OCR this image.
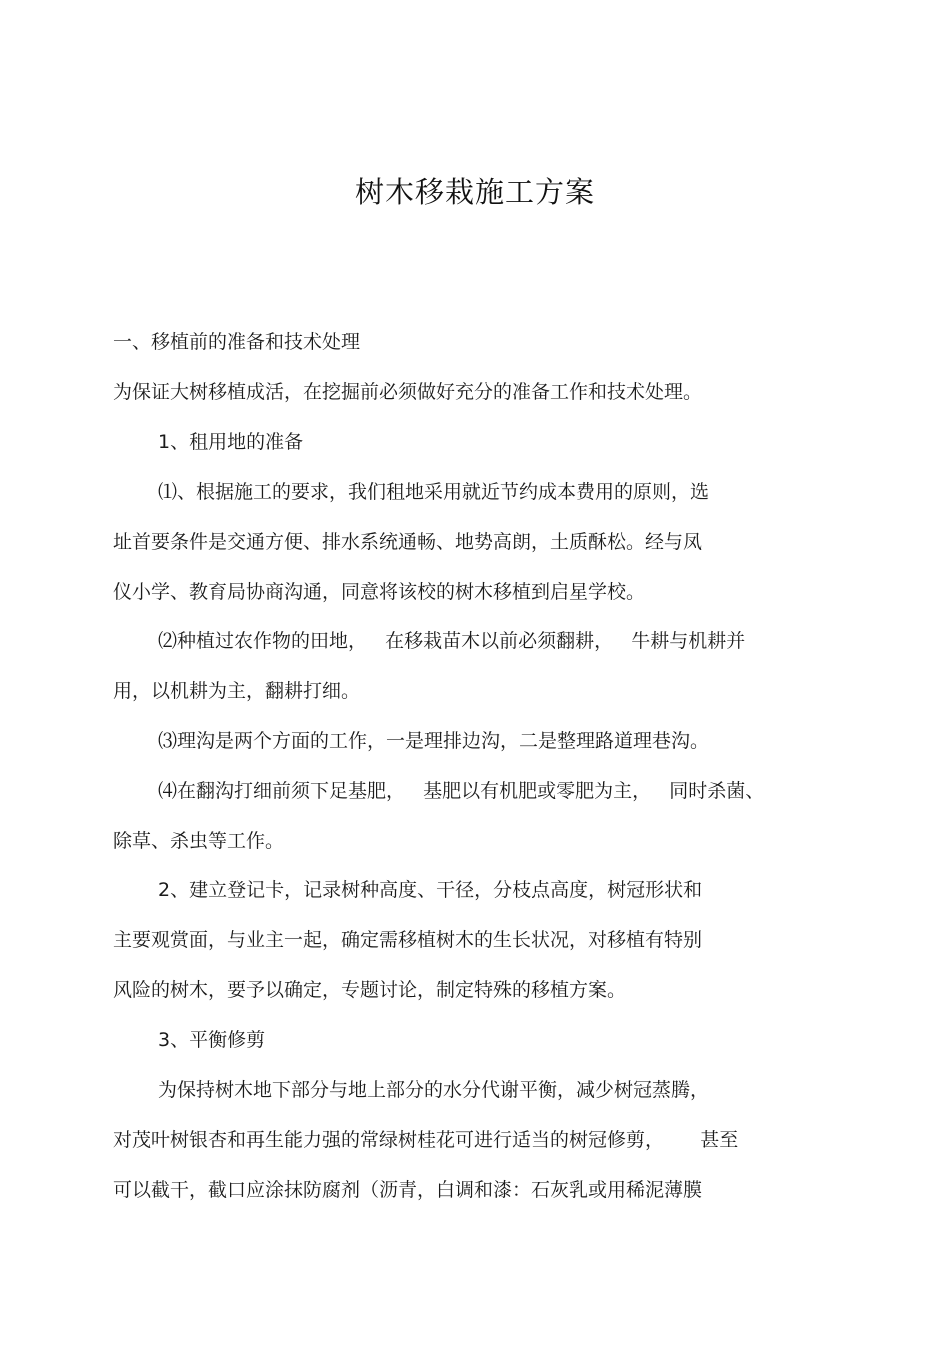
树木移栽施工方案

一、移植前的准备和技术处理

为保证大树移植成活，在挖掘前必须做好充分的准备工作和技术处理。

1、租用地的准备

⑴、根据施工的要求，我们租地采用就近节约成本费用的原则，选

址首要条件是交通方便、排水系统通畅、地势高朗，土质酥松。经与凤

仪小学、教育局协商沟通，同意将该校的树木移植到启星学校。

⑵种植过农作物的田地，   在移栽苗木以前必须翻耕，   牛耕与机耕并

用，以机耕为主，翻耕打细。

⑶理沟是两个方面的工作，一是理排边沟，二是整理路道理巷沟。

⑷在翻沟打细前须下足基肥，   基肥以有机肥或零肥为主，   同时杀菌、

除草、杀虫等工作。

2、建立登记卡，记录树种高度、干径，分枝点高度，树冠形状和

主要观赏面，与业主一起，确定需移植树木的生长状况，对移植有特别

风险的树木，要予以确定，专题讨论，制定特殊的移植方案。

3、平衡修剪

为保持树木地下部分与地上部分的水分代谢平衡，减少树冠蒸腾，

对茂叶树银杏和再生能力强的常绿树桂花可进行适当的树冠修剪，      甚至

可以截干，截口应涂抹防腐剂（沥青，白调和漆：石灰乳或用稀泥薄膜
